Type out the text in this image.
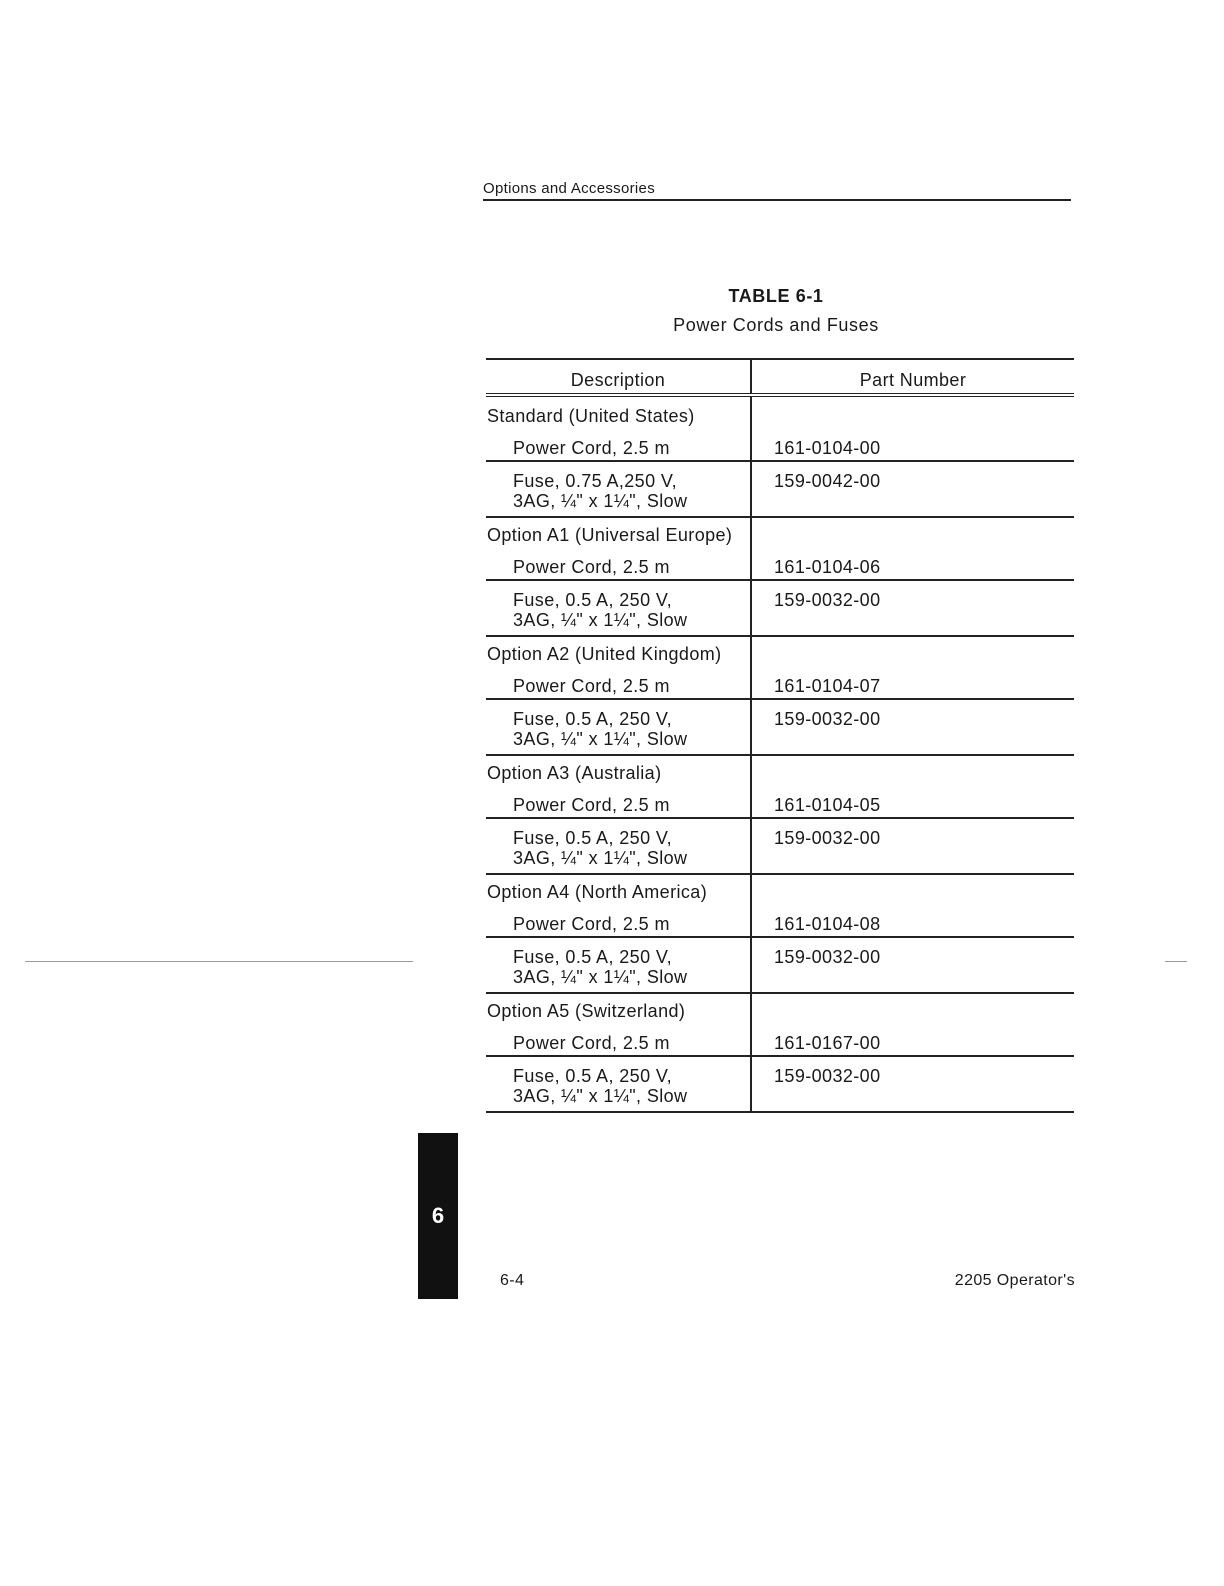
Options and Accessories
TABLE 6-1
Power Cords and Fuses
Description	Part Number
Standard (United States)	
Power Cord, 2.5 m	161-0104-00

Fuse, 0.75 A,250 V,
3AG, ¼" x 1¼", Slow	159-0042-00
Option A1 (Universal Europe)	
Power Cord, 2.5 m	161-0104-06

Fuse, 0.5 A, 250 V,
3AG, ¼" x 1¼", Slow	159-0032-00
Option A2 (United Kingdom)	
Power Cord, 2.5 m	161-0104-07

Fuse, 0.5 A, 250 V,
3AG, ¼" x 1¼", Slow	159-0032-00
Option A3 (Australia)	
Power Cord, 2.5 m	161-0104-05

Fuse, 0.5 A, 250 V,
3AG, ¼" x 1¼", Slow	159-0032-00
Option A4 (North America)	
Power Cord, 2.5 m	161-0104-08

Fuse, 0.5 A, 250 V,
3AG, ¼" x 1¼", Slow	159-0032-00
Option A5 (Switzerland)	
Power Cord, 2.5 m	161-0167-00

Fuse, 0.5 A, 250 V,
3AG, ¼" x 1¼", Slow	159-0032-00
6
6-4	2205 Operator's
